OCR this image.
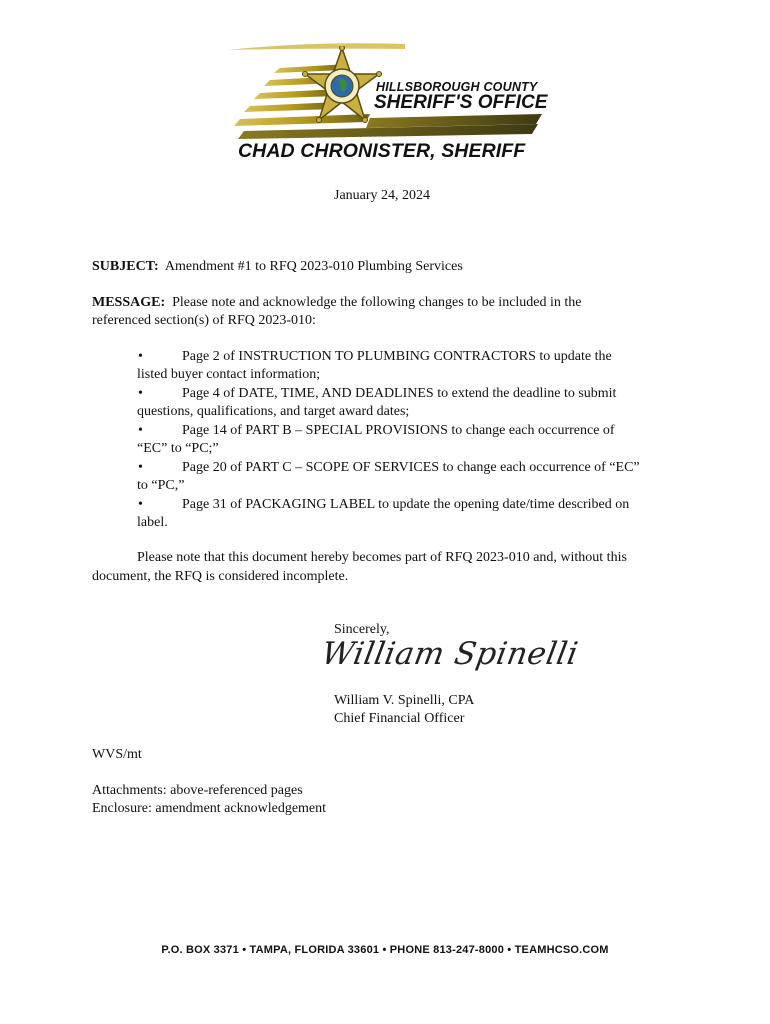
HILLSBOROUGH COUNTY
SHERIFF'S OFFICE
CHAD CHRONISTER, SHERIFF
January 24, 2024
SUBJECT: Amendment #1 to RFQ 2023-010 Plumbing Services
MESSAGE: Please note and acknowledge the following changes to be included in the
referenced section(s) of RFQ 2023-010:
•	Page 2 of INSTRUCTION TO PLUMBING CONTRACTORS to update the
listed buyer contact information;
•	Page 4 of DATE, TIME, AND DEADLINES to extend the deadline to submit
questions, qualifications, and target award dates;
•	Page 14 of PART B – SPECIAL PROVISIONS to change each occurrence of
“EC” to “PC;”
•	Page 20 of PART C – SCOPE OF SERVICES to change each occurrence of “EC”
to “PC,”
•	Page 31 of PACKAGING LABEL to update the opening date/time described on
label.
Please note that this document hereby becomes part of RFQ 2023-010 and, without this
document, the RFQ is considered incomplete.
Sincerely,
William Spinelli
William V. Spinelli, CPA
Chief Financial Officer
WVS/mt
Attachments: above-referenced pages
Enclosure: amendment acknowledgement
P.O. BOX 3371 • TAMPA, FLORIDA 33601 • PHONE 813-247-8000 • TEAMHCSO.COM
